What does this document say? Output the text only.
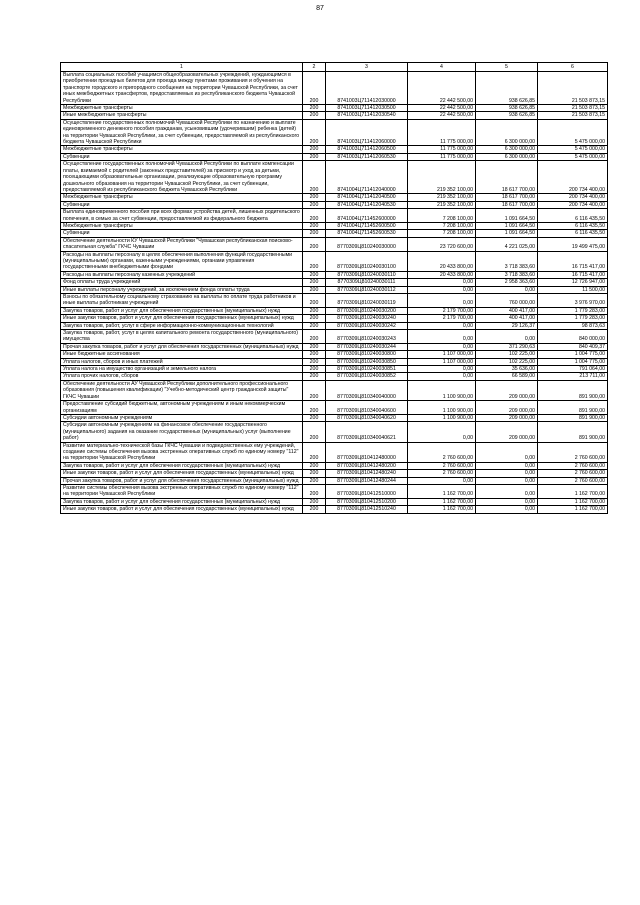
87
1	2	3	4	5	6
Выплата социальных пособий учащимся общеобразовательных учреждений, нуждающимся в приобретении проездных билетов для проезда между пунктами проживания и обучения на транспорте городского и пригородного сообщения на территории Чувашской Республики, за счет иных межбюджетных трансфертов, предоставляемых из республиканского бюджета Чувашской Республики	200	8741003Ц711412030000	22 442 500,00	938 626,85	21 503 873,15
Межбюджетные трансферты	200	8741003Ц711412030500	22 442 500,00	938 626,85	21 503 873,15
Иные межбюджетные трансферты	200	8741003Ц711412030540	22 442 500,00	938 626,85	21 503 873,15
Осуществление государственных полномочий Чувашской Республики по назначению и выплате единовременного денежного пособия гражданам, усыновившим (удочерившим) ребенка (детей) на территории Чувашской Республики, за счет субвенции, предоставляемой из республиканского бюджета Чувашской Республики	200	8741003Ц711412060000	11 775 000,00	6 300 000,00	5 475 000,00
Межбюджетные трансферты	200	8741003Ц711412060500	11 775 000,00	6 300 000,00	5 475 000,00
Субвенции	200	8741003Ц711412060530	11 775 000,00	6 300 000,00	5 475 000,00
Осуществление государственных полномочий Чувашской Республики по выплате компенсации платы, взимаемой с родителей (законных представителей) за присмотр и уход за детьми, посещающими образовательные организации, реализующие образовательную программу дошкольного образования на территории Чувашской Республики, за счет субвенции, предоставляемой из республиканского бюджета Чувашской Республики	200	8741004Ц711412040000	219 352 100,00	18 617 700,00	200 734 400,00
Межбюджетные трансферты	200	8741004Ц711412040500	219 352 100,00	18 617 700,00	200 734 400,00
Субвенции	200	8741004Ц711412040530	219 352 100,00	18 617 700,00	200 734 400,00
Выплата единовременного пособия при всех формах устройства детей, лишенных родительского попечения, в семью за счет субвенции, предоставляемой из федерального бюджета	200	8741004Ц711452600000	7 208 100,00	1 091 664,50	6 116 435,50
Межбюджетные трансферты	200	8741004Ц711452600500	7 208 100,00	1 091 664,50	6 116 435,50
Субвенции	200	8741004Ц711452600530	7 208 100,00	1 091 664,50	6 116 435,50
Обеспечение деятельности КУ Чувашской Республики "Чувашская республиканская поисково-спасательная служба" ГКЧС Чувашии	200	8770309Ц810240030000	23 720 600,00	4 221 025,00	19 499 475,00
Расходы на выплаты персоналу в целях обеспечения выполнения функций государственными (муниципальными) органами, казенными учреждениями, органами управления государственными внебюджетными фондами	200	8770309Ц810240030100	20 433 800,00	3 718 383,60	16 715 417,00
Расходы на выплаты персоналу казенных учреждений	200	8770309Ц810240030110	20 433 800,00	3 718 383,60	16 715 417,00
Фонд оплаты труда учреждений	200	8770309Ц810240030111	0,00	2 958 363,60	12 726 947,00
Иные выплаты персоналу учреждений, за исключением фонда оплаты труда	200	8770309Ц810240030112	0,00	0,00	11 500,00
Взносы по обязательному социальному страхованию на выплаты по оплате труда работников и иные выплаты работникам учреждений	200	8770309Ц810240030119	0,00	760 000,00	3 976 970,00
Закупка товаров, работ и услуг для обеспечения государственных (муниципальных) нужд	200	8770309Ц810240030200	2 179 700,00	400 417,00	1 779 283,00
Иные закупки товаров, работ и услуг для обеспечения государственных (муниципальных) нужд	200	8770309Ц810240030240	2 179 700,00	400 417,00	1 779 283,00
Закупка товаров, работ, услуг в сфере информационно-коммуникационных технологий	200	8770309Ц810240030242	0,00	29 126,37	98 873,63
Закупка товаров, работ, услуг в целях капитального ремонта государственного (муниципального) имущества	200	8770309Ц810240030243	0,00	0,00	840 000,00
Прочая закупка товаров, работ и услуг для обеспечения государственных (муниципальных) нужд	200	8770309Ц810240030244	0,00	371 290,63	840 409,37
Иные бюджетные ассигнования	200	8770309Ц810240030800	1 107 000,00	102 225,00	1 004 775,00
Уплата налогов, сборов и иных платежей	200	8770309Ц810240030850	1 107 000,00	102 225,00	1 004 775,00
Уплата налога на имущество организаций и земельного налога	200	8770309Ц810240030851	0,00	35 636,00	791 064,00
Уплата прочих налогов, сборов	200	8770309Ц810240030852	0,00	66 589,00	213 711,00
Обеспечение деятельности АУ Чувашской Республики дополнительного профессионального образования (повышения квалификации) "Учебно-методический центр гражданской защиты" ГКЧС Чувашии	200	8770309Ц810340040000	1 100 900,00	209 000,00	891 900,00
Предоставление субсидий бюджетным, автономным учреждениям и иным некоммерческим организациям	200	8770309Ц810340040600	1 100 900,00	209 000,00	891 900,00
Субсидии автономным учреждениям	200	8770309Ц810340040620	1 100 900,00	209 000,00	891 900,00
Субсидии автономным учреждениям на финансовое обеспечение государственного (муниципального) задания на оказание государственных (муниципальных) услуг (выполнение работ)	200	8770309Ц810340040621	0,00	209 000,00	891 900,00
Развитие материально-технической базы ГКЧС Чувашии и подведомственных ему учреждений, создание системы обеспечения вызова экстренных оперативных служб по единому номеру "112" на территории Чувашской Республики	200	8770309Ц810412480000	2 760 600,00	0,00	2 760 600,00
Закупка товаров, работ и услуг для обеспечения государственных (муниципальных) нужд	200	8770309Ц810412480200	2 760 600,00	0,00	2 760 600,00
Иные закупки товаров, работ и услуг для обеспечения государственных (муниципальных) нужд	200	8770309Ц810412480240	2 760 600,00	0,00	2 760 600,00
Прочая закупка товаров, работ и услуг для обеспечения государственных (муниципальных) нужд	200	8770309Ц810412480244	0,00	0,00	2 760 600,00
Развитие системы обеспечения вызова экстренных оперативных служб по единому номеру "112" на территории Чувашской Республики	200	8770309Ц810412510000	1 162 700,00	0,00	1 162 700,00
Закупка товаров, работ и услуг для обеспечения государственных (муниципальных) нужд	200	8770309Ц810412510200	1 162 700,00	0,00	1 162 700,00
Иные закупки товаров, работ и услуг для обеспечения государственных (муниципальных) нужд	200	8770309Ц810412510240	1 162 700,00	0,00	1 162 700,00
